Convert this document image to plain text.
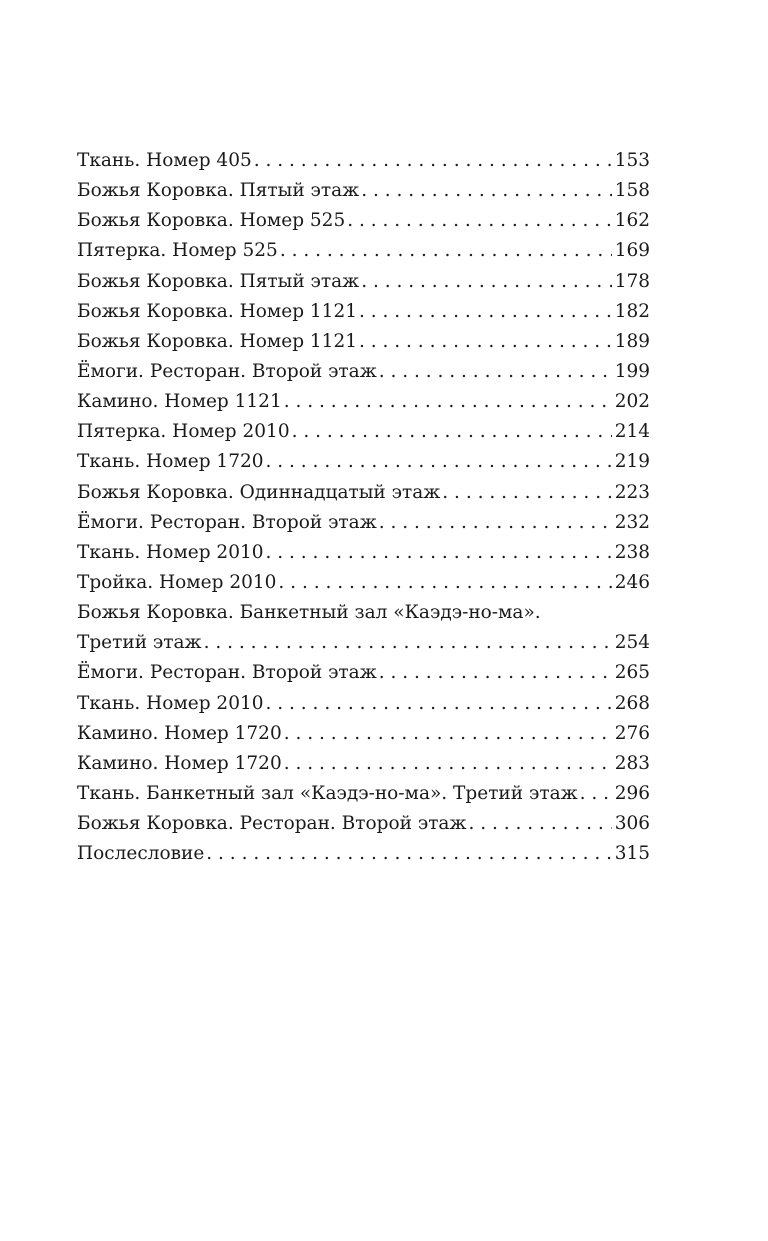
Ткань. Номер 405 . . .	153
Божья Коровка. Пятый этаж . . .	158
Божья Коровка. Номер 525 . . .	162
Пятерка. Номер 525 . . .	169
Божья Коровка. Пятый этаж . . .	178
Божья Коровка. Номер 1121 . . .	182
Божья Коровка. Номер 1121 . . .	189
Ёмоги. Ресторан. Второй этаж . . .	199
Камино. Номер 1121 . . .	202
Пятерка. Номер 2010 . . .	214
Ткань. Номер 1720 . . .	219
Божья Коровка. Одиннадцатый этаж . . .	223
Ёмоги. Ресторан. Второй этаж . . .	232
Ткань. Номер 2010 . . .	238
Тройка. Номер 2010 . . .	246
Божья Коровка. Банкетный зал «Каэдэ-но-ма».
Третий этаж . . .	254
Ёмоги. Ресторан. Второй этаж . . .	265
Ткань. Номер 2010 . . .	268
Камино. Номер 1720 . . .	276
Камино. Номер 1720 . . .	283
Ткань. Банкетный зал «Каэдэ-но-ма». Третий этаж . . . 296
Божья Коровка. Ресторан. Второй этаж . . .	306
Послесловие . . .	315
